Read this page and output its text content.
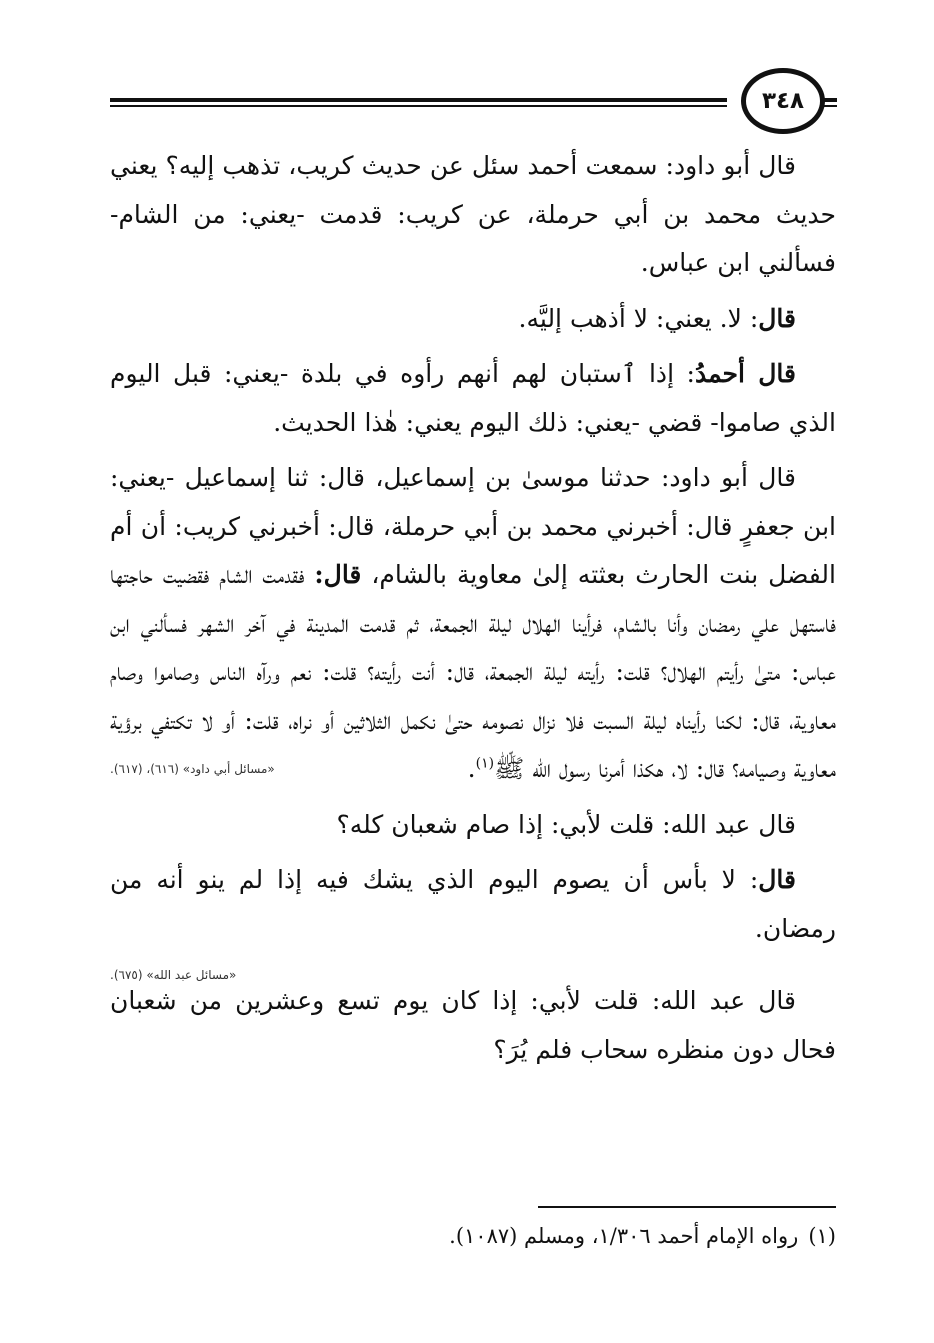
٣٤٨

قال أبو داود: سمعت أحمد سئل عن حديث كريب، تذهب إليه؟ يعني حديث محمد بن أبي حرملة، عن كريب: قدمت -يعني: من الشام- فسألني ابن عباس.

قال: لا. يعني: لا أذهب إليَّه.

قال أحمدُ: إذا ٱستبان لهم أنهم رأوه في بلدة -يعني: قبل اليوم الذي صاموا- قضي -يعني: ذلك اليوم يعني: هٰذا الحديث.

قال أبو داود: حدثنا موسىٰ بن إسماعيل، قال: ثنا إسماعيل -يعني: ابن جعفرٍ قال: أخبرني محمد بن أبي حرملة، قال: أخبرني كريب: أن أم الفضل بنت الحارث بعثته إلىٰ معاوية بالشام، قال: فقدمت الشام فقضيت حاجتها فاستهل علي رمضان وأنا بالشام، فرأينا الهلال ليلة الجمعة، ثم قدمت المدينة في آخر الشهر فسألني ابن عباس: متىٰ رأيتم الهلال؟ قلت: رأيته ليلة الجمعة، قال: أنت رأيته؟ قلت: نعم ورآه الناس وصاموا وصام معاوية، قال: لكنا رأيناه ليلة السبت فلا نزال نصومه حتىٰ نكمل الثلاثين أو نراه، قلت: أو لا تكتفي برؤية معاوية وصيامه؟ قال: لا، هكذا أمرنا رسول الله ﷺ$^{(١)}$.
«مسائل أبي داود» (٦١٦)، (٦١٧).

قال عبد الله: قلت لأبي: إذا صام شعبان كله؟

قال: لا بأس أن يصوم اليوم الذي يشك فيه إذا لم ينو أنه من رمضان.

«مسائل عبد الله» (٦٧٥).

قال عبد الله: قلت لأبي: إذا كان يوم تسع وعشرين من شعبان فحال دون منظره سحاب فلم يُرَ؟

(١)رواه الإمام أحمد ١/٣٠٦، ومسلم (١٠٨٧).
